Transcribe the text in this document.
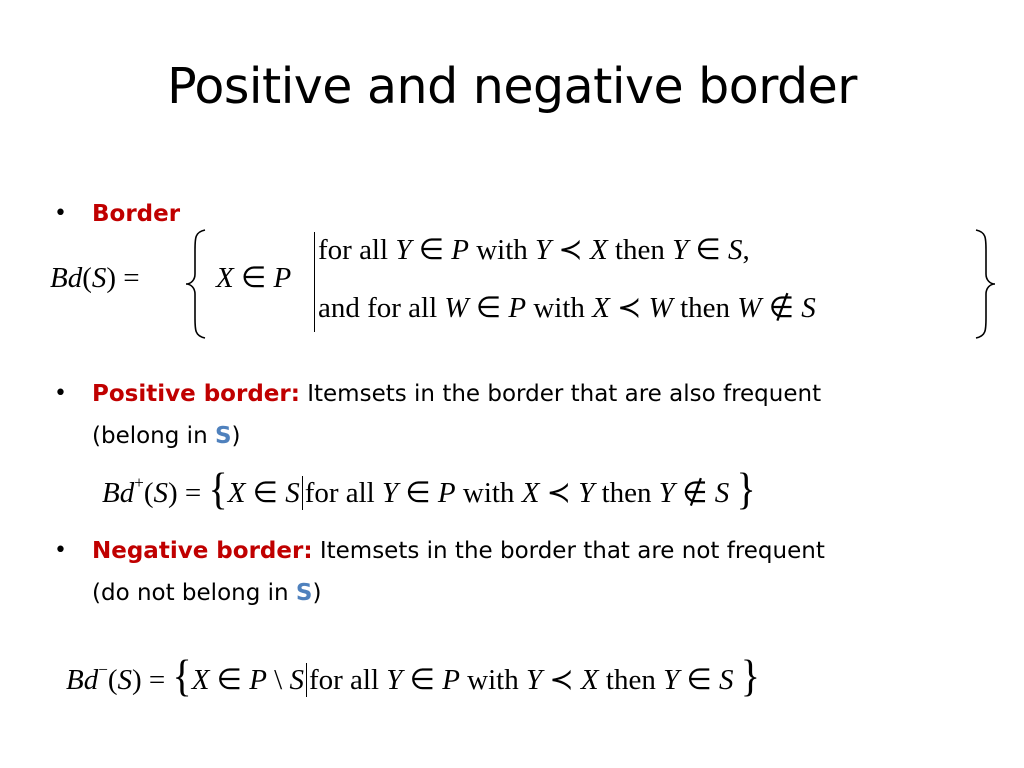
Positive and negative border
• Border
Bd(S) =	X ∈ P
for all Y ∈ P with Y ≺ X then Y ∈ S,
and for all W ∈ P with X ≺ W then W ∉ S
• Positive border: Itemsets in the border that are also frequent
(belong in S)
Bd+(S) = {X ∈ S for all Y ∈ P with X ≺ Y then Y ∉ S }
• Negative border: Itemsets in the border that are not frequent
(do not belong in S)
Bd−(S) = {X ∈ P \ S for all Y ∈ P with Y ≺ X then Y ∈ S }
